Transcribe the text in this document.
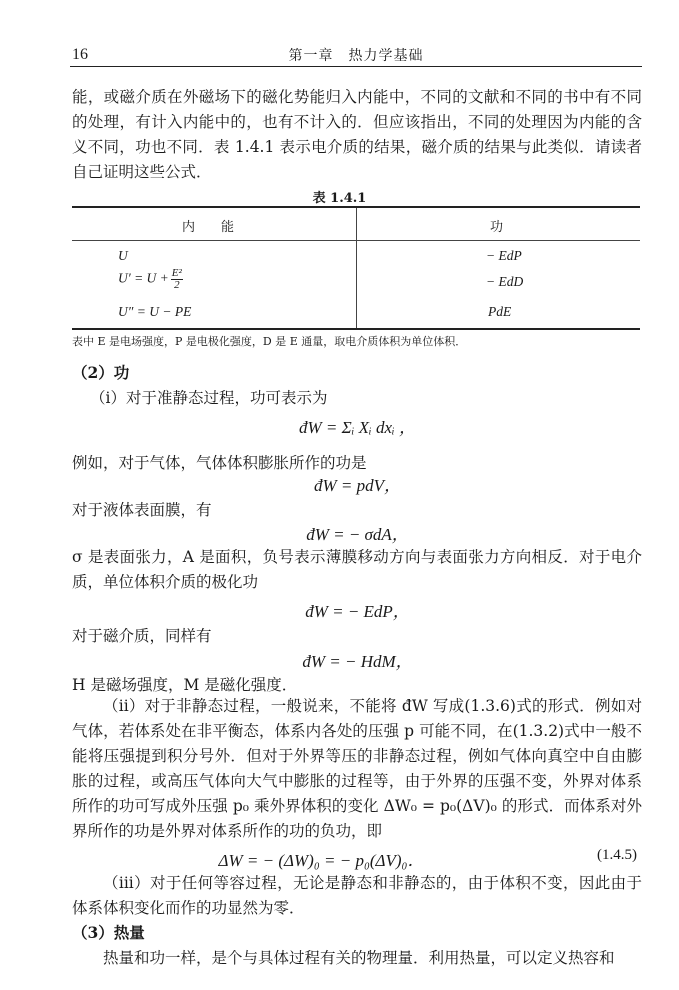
16	第一章　热力学基础

能，或磁介质在外磁场下的磁化势能归入内能中，不同的文献和不同的书中有不同的处理，有计入内能中的，也有不计入的．但应该指出，不同的处理因为内能的含义不同，功也不同．表 1.4.1 表示电介质的结果，磁介质的结果与此类似．请读者自己证明这些公式．

表 1.4.1
内　　能	功
U	− EdP
$U' = U + \frac{\text{E²}}{2}$	− EdD
U″ = U − PE	PdE
表中 E 是电场强度，P 是电极化强度，D 是 E 通量，取电介质体积为单位体积．
（2）功
（i）对于准静态过程，功可表示为
đW = Σᵢ Xᵢ dxᵢ ，
例如，对于气体，气体体积膨胀所作的功是
đW = pdV，
对于液体表面膜，有
đW = − σdA，

σ 是表面张力，A 是面积，负号表示薄膜移动方向与表面张力方向相反．对于电介质，单位体积介质的极化功

đW = − EdP，
对于磁介质，同样有
đW = − HdM，
H 是磁场强度，M 是磁化强度．

（ii）对于非静态过程，一般说来，不能将 đW 写成(1.3.6)式的形式．例如对气体，若体系处在非平衡态，体系内各处的压强 p 可能不同，在(1.3.2)式中一般不能将压强提到积分号外．但对于外界等压的非静态过程，例如气体向真空中自由膨胀的过程，或高压气体向大气中膨胀的过程等，由于外界的压强不变，外界对体系所作的功可写成外压强 p₀ 乘外界体积的变化 ΔW₀ = p₀(ΔV)₀ 的形式．而体系对外界所作的功是外界对体系所作的功的负功，即

ΔW = − (ΔW)₀ = − p₀(ΔV)₀．	(1.4.5)

（iii）对于任何等容过程，无论是静态和非静态的，由于体积不变，因此由于体系体积变化而作的功显然为零．

（3）热量
热量和功一样，是个与具体过程有关的物理量．利用热量，可以定义热容和
